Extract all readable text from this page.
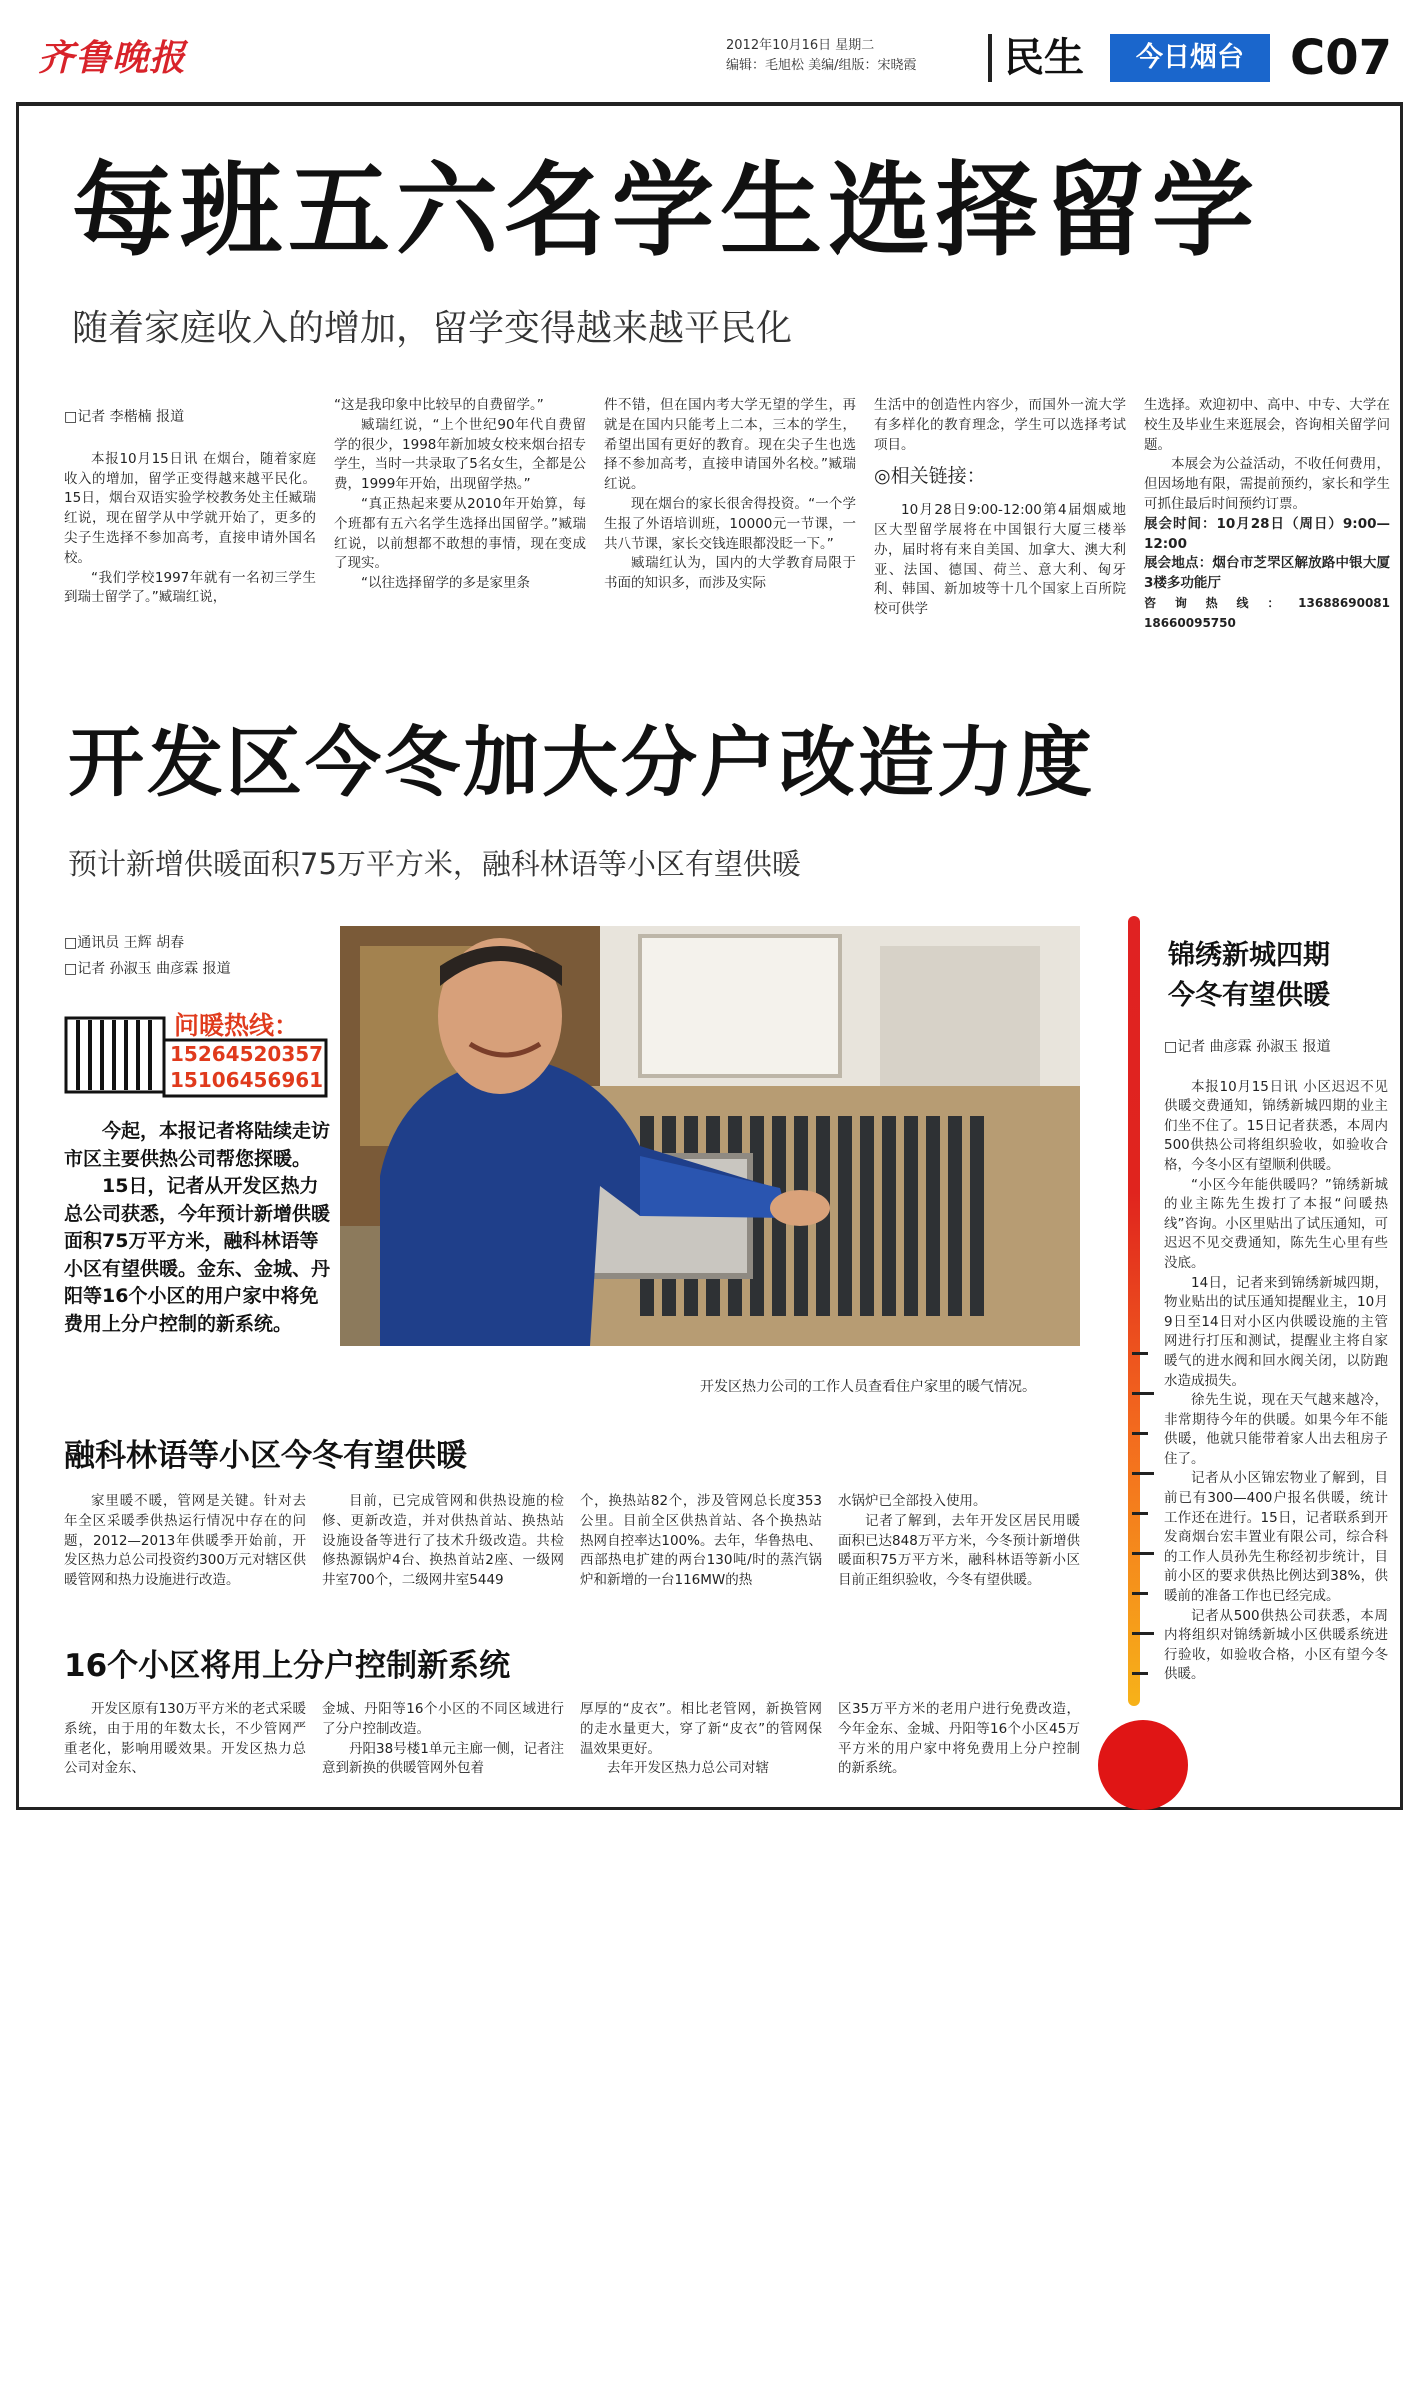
齐鲁晚报	2012年10月16日 星期二
编辑：毛旭松 美编/组版：宋晓霞 民生	今日烟台 C07
每班五六名学生选择留学
随着家庭收入的增加，留学变得越来越平民化
□记者 李楷楠 报道

本报10月15日讯 在烟台，随着家庭收入的增加，留学正变得越来越平民化。15日，烟台双语实验学校教务处主任臧瑞红说，现在留学从中学就开始了，更多的尖子生选择不参加高考，直接申请外国名校。

“我们学校1997年就有一名初三学生到瑞士留学了。”臧瑞红说，

“这是我印象中比较早的自费留学。”

臧瑞红说，“上个世纪90年代自费留学的很少，1998年新加坡女校来烟台招专学生，当时一共录取了5名女生，全都是公费，1999年开始，出现留学热。”

“真正热起来要从2010年开始算，每个班都有五六名学生选择出国留学。”臧瑞红说，以前想都不敢想的事情，现在变成了现实。

“以往选择留学的多是家里条

件不错，但在国内考大学无望的学生，再就是在国内只能考上二本，三本的学生，希望出国有更好的教育。现在尖子生也选择不参加高考，直接申请国外名校。”臧瑞红说。

现在烟台的家长很舍得投资。“一个学生报了外语培训班，10000元一节课，一共八节课，家长交钱连眼都没眨一下。”

臧瑞红认为，国内的大学教育局限于书面的知识多，而涉及实际

生活中的创造性内容少，而国外一流大学有多样化的教育理念，学生可以选择考试项目。

◎相关链接：

10月28日9:00-12:00第4届烟威地区大型留学展将在中国银行大厦三楼举办，届时将有来自美国、加拿大、澳大利亚、法国、德国、荷兰、意大利、匈牙利、韩国、新加坡等十几个国家上百所院校可供学

生选择。欢迎初中、高中、中专、大学在校生及毕业生来逛展会，咨询相关留学问题。

本展会为公益活动，不收任何费用，但因场地有限，需提前预约，家长和学生可抓住最后时间预约订票。

展会时间：10月28日（周日）9:00—12:00
展会地点：烟台市芝罘区解放路中银大厦3楼多功能厅
咨询热线：13688690081 18660095750
开发区今冬加大分户改造力度
预计新增供暖面积75万平方米，融科林语等小区有望供暖
□通讯员 王辉 胡春
□记者 孙淑玉 曲彦霖 报道
问暖热线：
15264520357
15106456961

今起，本报记者将陆续走访市区主要供热公司帮您探暖。

15日，记者从开发区热力总公司获悉，今年预计新增供暖面积75万平方米，融科林语等小区有望供暖。金东、金城、丹阳等16个小区的用户家中将免费用上分户控制的新系统。

开发区热力公司的工作人员查看住户家里的暖气情况。
融科林语等小区今冬有望供暖

家里暖不暖，管网是关键。针对去年全区采暖季供热运行情况中存在的问题，2012—2013年供暖季开始前，开发区热力总公司投资约300万元对辖区供暖管网和热力设施进行改造。

目前，已完成管网和供热设施的检修、更新改造，并对供热首站、换热站设施设备等进行了技术升级改造。共检修热源锅炉4台、换热首站2座、一级网井室700个，二级网井室5449

个，换热站82个，涉及管网总长度353公里。目前全区供热首站、各个换热站热网自控率达100%。去年，华鲁热电、西部热电扩建的两台130吨/时的蒸汽锅炉和新增的一台116MW的热

水锅炉已全部投入使用。

记者了解到，去年开发区居民用暖面积已达848万平方米，今冬预计新增供暖面积75万平方米，融科林语等新小区目前正组织验收，今冬有望供暖。

16个小区将用上分户控制新系统

开发区原有130万平方米的老式采暖系统，由于用的年数太长，不少管网严重老化，影响用暖效果。开发区热力总公司对金东、

金城、丹阳等16个小区的不同区域进行了分户控制改造。

丹阳38号楼1单元主廊一侧，记者注意到新换的供暖管网外包着

厚厚的“皮衣”。相比老管网，新换管网的走水量更大，穿了新“皮衣”的管网保温效果更好。

去年开发区热力总公司对辖

区35万平方米的老用户进行免费改造，今年金东、金城、丹阳等16个小区45万平方米的用户家中将免费用上分户控制的新系统。

锦绣新城四期
今冬有望供暖
□记者 曲彦霖 孙淑玉 报道

本报10月15日讯 小区迟迟不见供暖交费通知，锦绣新城四期的业主们坐不住了。15日记者获悉，本周内500供热公司将组织验收，如验收合格，今冬小区有望顺利供暖。

“小区今年能供暖吗？”锦绣新城的业主陈先生拨打了本报“问暖热线”咨询。小区里贴出了试压通知，可迟迟不见交费通知，陈先生心里有些没底。

14日，记者来到锦绣新城四期，物业贴出的试压通知提醒业主，10月9日至14日对小区内供暖设施的主管网进行打压和测试，提醒业主将自家暖气的进水阀和回水阀关闭，以防跑水造成损失。

徐先生说，现在天气越来越冷，非常期待今年的供暖。如果今年不能供暖，他就只能带着家人出去租房子住了。

记者从小区锦宏物业了解到，目前已有300—400户报名供暖，统计工作还在进行。15日，记者联系到开发商烟台宏丰置业有限公司，综合科的工作人员孙先生称经初步统计，目前小区的要求供热比例达到38%，供暖前的准备工作也已经完成。

记者从500供热公司获悉，本周内将组织对锦绣新城小区供暖系统进行验收，如验收合格，小区有望今冬供暖。
